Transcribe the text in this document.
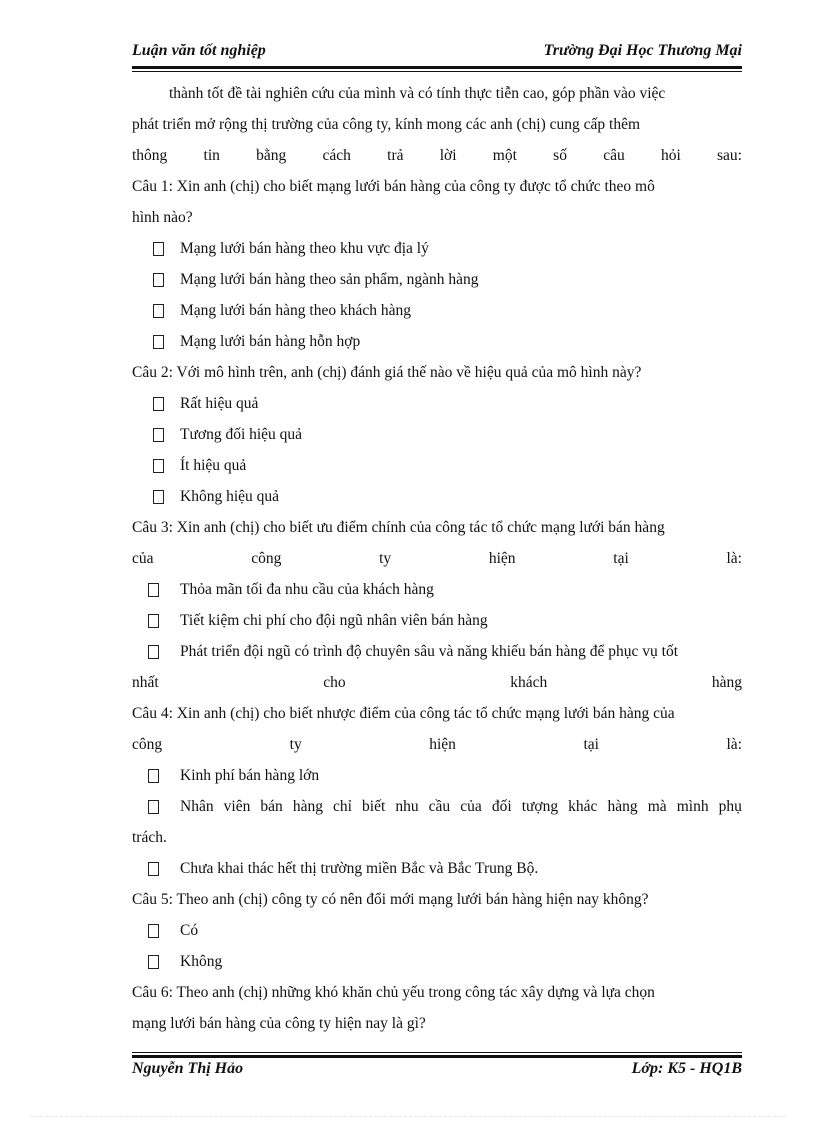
Luận văn tốt nghiệp	Trường Đại Học Thương Mại
thành tốt đề tài nghiên cứu của mình và có tính thực tiễn cao, góp phần vào việc
phát triển mở rộng thị trường của công ty, kính mong các anh (chị) cung cấp thêm
thông tin bằng cách trả lời một số câu hỏi sau:
Câu 1: Xin anh (chị) cho biết mạng lưới bán hàng của công ty được tổ chức theo mô
hình nào?
Mạng lưới bán hàng theo khu vực địa lý
Mạng lưới bán hàng theo sản phẩm, ngành hàng
Mạng lưới bán hàng theo khách hàng
Mạng lưới bán hàng hỗn hợp
Câu 2: Với mô hình trên, anh (chị) đánh giá thế nào về hiệu quả của mô hình này?
Rất hiệu quả
Tương đối hiệu quả
Ít hiệu quả
Không hiệu quả
Câu 3: Xin anh (chị) cho biết ưu điểm chính của công tác tổ chức mạng lưới bán hàng
của	công	ty	hiện	tại	là:
Thỏa mãn tối đa nhu cầu của khách hàng
Tiết kiệm chi phí cho đội ngũ nhân viên bán hàng
Phát triển đội ngũ có trình độ chuyên sâu và năng khiếu bán hàng để phục vụ tốt
nhất	cho	khách	hàng
Câu 4: Xin anh (chị) cho biết nhược điểm của công tác tổ chức mạng lưới bán hàng của
công	ty	hiện	tại	là:
Kinh phí bán hàng lớn
Nhân viên bán hàng chỉ biết nhu cầu của đối tượng khác hàng mà mình phụ
trách.
Chưa khai thác hết thị trường miền Bắc và Bắc Trung Bộ.
Câu 5: Theo anh (chị) công ty có nên đổi mới mạng lưới bán hàng hiện nay không?
Có
Không
Câu 6: Theo anh (chị) những khó khăn chủ yếu trong công tác xây dựng và lựa chọn
mạng lưới bán hàng của công ty hiện nay là gì?
Nguyễn Thị Hảo	Lớp: K5 - HQ1B
